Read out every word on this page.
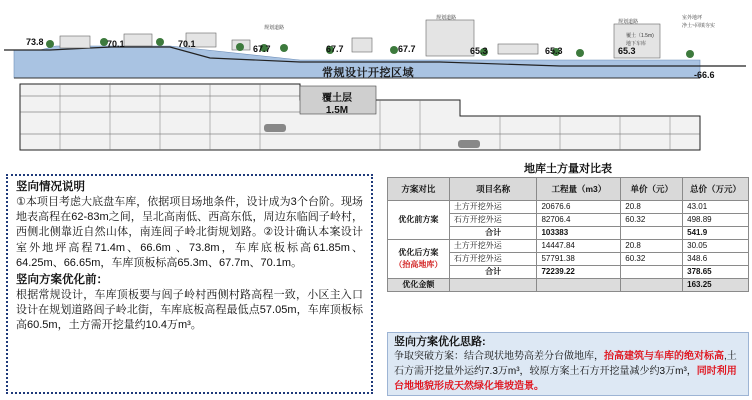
73.8	70.1	70.1	67.7	67.7	67.7	65.3	65.3	65.3
-66.6
规划道路
规划道路
规划道路
室外地坪
净土~回填夯实
覆土（1.5m)
地下车库
常规设计开挖区域
覆土层
1.5M
竖向情况说明

①本项目考虑大底盘车库，依据项目场地条件，设计成为3个台阶。现场地表高程在62-83m之间，呈北高南低、西高东低，周边东临闾子岭村，西侧北侧靠近自然山体，南连闾子岭北街规划路。②设计确认本案设计室外地坪高程71.4m、66.6m 、73.8m，车库底板标高61.85m、64.25m、66.65m，车库顶板标高65.3m、67.7m、70.1m。

竖向方案优化前：

根据常规设计，车库顶板要与闾子岭村西侧村路高程一致，小区主入口设计在规划道路闾子岭北街，车库底板高程最低点57.05m，车库顶板标高60.5m，土方需开挖量约10.4万m³。

地库土方量对比表
方案对比	项目名称	工程量（m3）	单价（元）	总价（万元）
优化前方案	土方开挖外运	20676.6	20.8	43.01
	石方开挖外运	82706.4	60.32	498.89
	合计	103383		541.9

优化后方案
（抬高地库）	土方开挖外运	14447.84	20.8	30.05
	石方开挖外运	57791.38	60.32	348.6
	合计	72239.22		378.65
优化金额				163.25
竖向方案优化思路:

争取突破方案：结合现状地势高差分台做地库，抬高建筑与车库的绝对标高,土石方需开挖量外运约7.3万m³，较原方案土石方开挖量减少约3万m³，同时利用台地地貌形成天然绿化堆坡造景。
